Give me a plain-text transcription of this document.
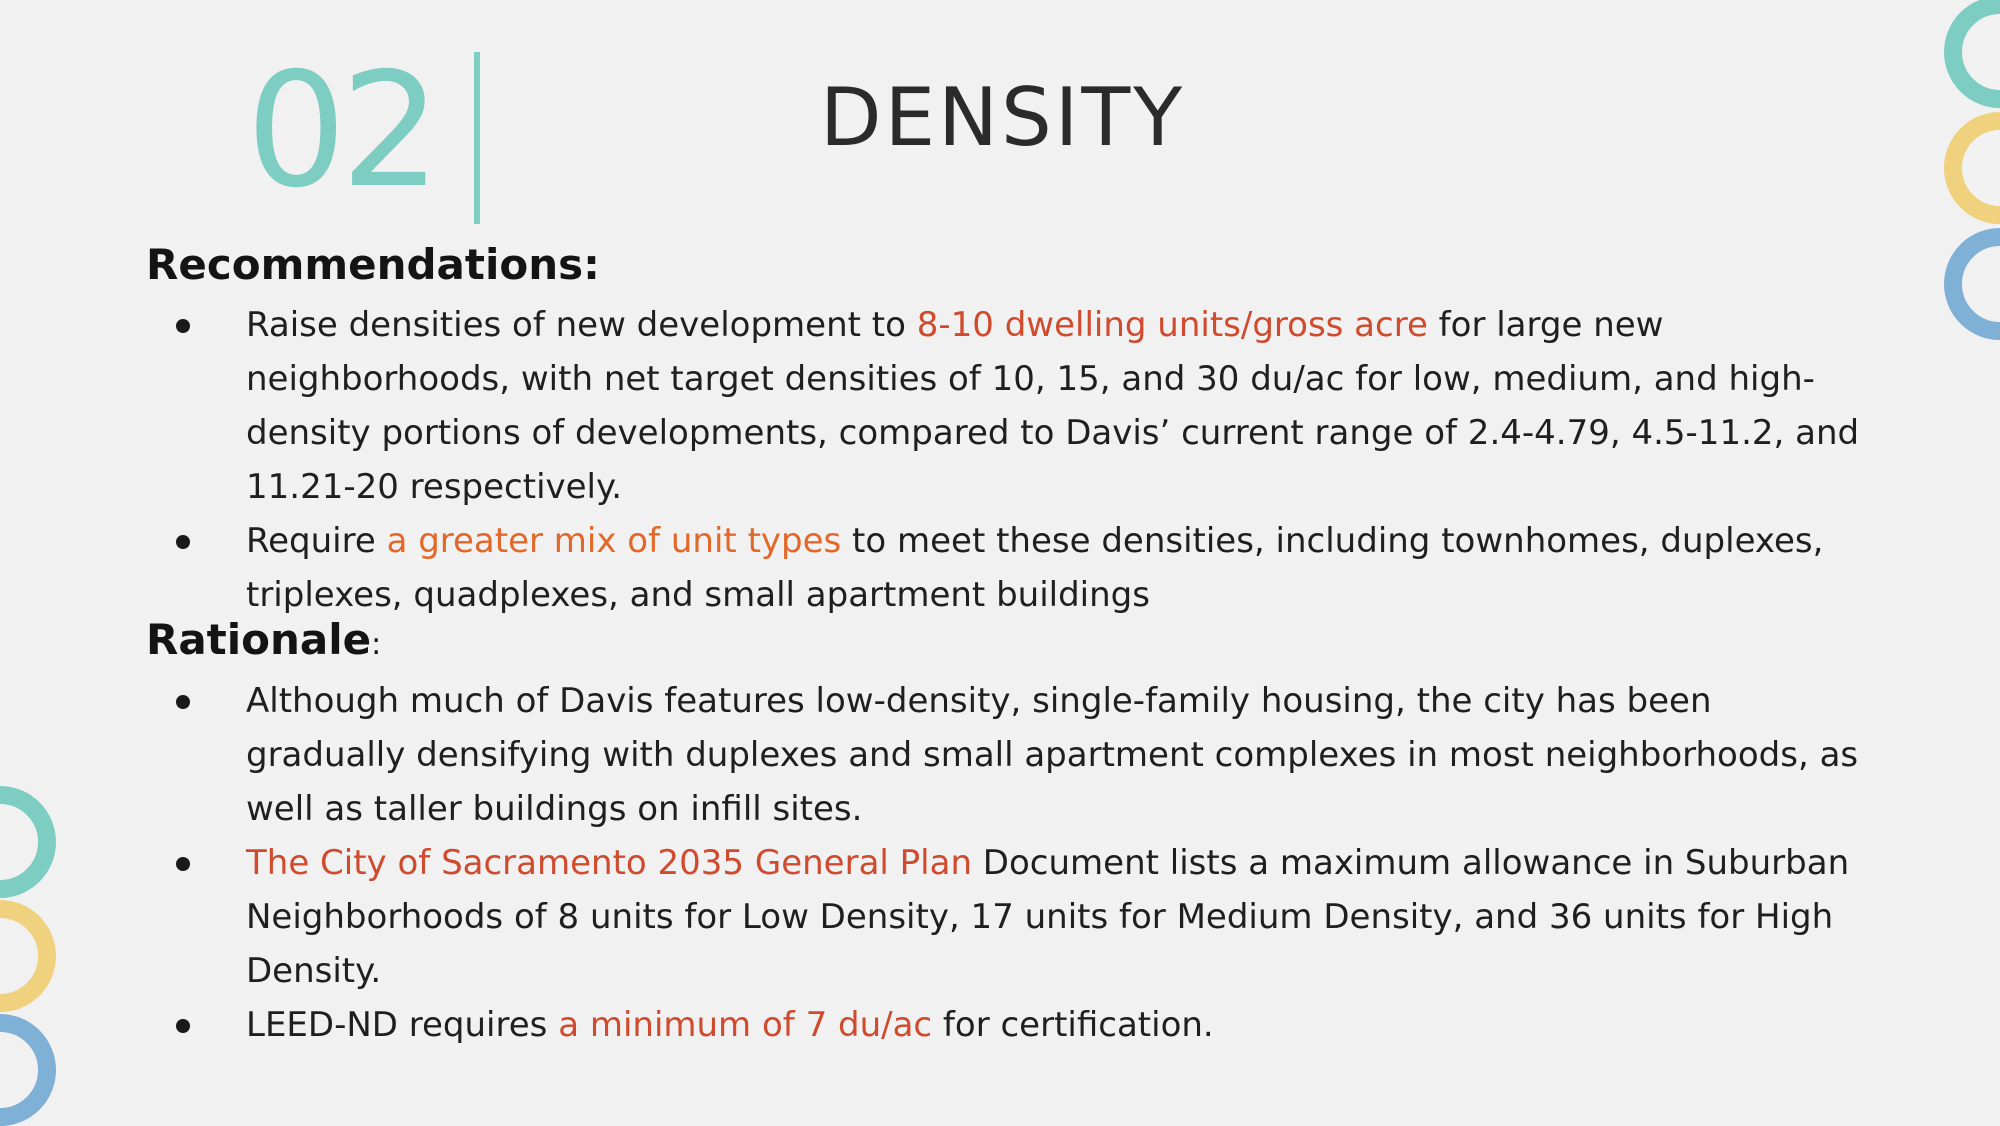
02	DENSITY
Recommendations:
Raise densities of new development to 8-10 dwelling units/gross acre for large new neighborhoods, with net target densities of 10, 15, and 30 du/ac for low, medium, and high-density portions of developments, compared to Davis’ current range of 2.4-4.79, 4.5-11.2, and 11.21-20 respectively.
Require a greater mix of unit types to meet these densities, including townhomes, duplexes, triplexes, quadplexes, and small apartment buildings
Rationale:
Although much of Davis features low-density, single-family housing, the city has been gradually densifying with duplexes and small apartment complexes in most neighborhoods, as well as taller buildings on infill sites.
The City of Sacramento 2035 General Plan Document lists a maximum allowance in Suburban Neighborhoods of 8 units for Low Density, 17 units for Medium Density, and 36 units for High Density.
LEED-ND requires a minimum of 7 du/ac for certification.
